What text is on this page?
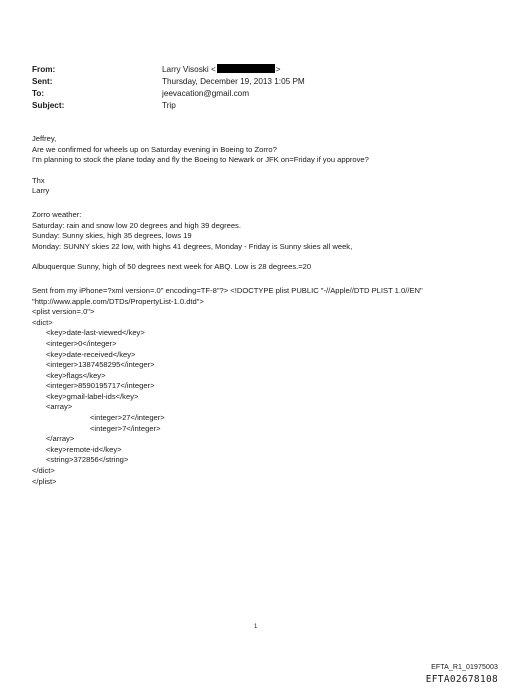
From:	Larry Visoski <	>
Sent:	Thursday, December 19, 2013 1:05 PM
To:	jeevacation@gmail.com
Subject:	Trip

Jeffrey,

Are we confirmed for wheels up on Saturday evening in Boeing to Zorro?

I'm planning to stock the plane today and fly the Boeing to Newark or JFK on=Friday if you approve?

Thx

Larry

Zorro weather:

Saturday: rain and snow low 20 degrees and high 39 degrees.

Sunday: Sunny skies, high 35 degrees, lows 19

Monday: SUNNY skies 22 low, with highs 41 degrees, Monday - Friday is Sunny skies all week,

Albuquerque Sunny, high of 50 degrees next week for ABQ. Low is 28 degrees.=20

Sent from my iPhone=?xml version=.0" encoding=TF-8"?> <!DOCTYPE plist PUBLIC "-//Apple//DTD PLIST 1.0//EN"

"http://www.apple.com/DTDs/PropertyList-1.0.dtd">

<plist version=.0">

<dict>

<key>date-last-viewed</key>

<integer>0</integer>

<key>date-received</key>

<integer>1387458295</integer>

<key>flags</key>

<integer>8590195717</integer>

<key>gmail-label-ids</key>

<array>

<integer>27</integer>

<integer>7</integer>

</array>

<key>remote-id</key>

<string>372856</string>

</dict>

</plist>

1
EFTA_R1_01975003
EFTA02678108
